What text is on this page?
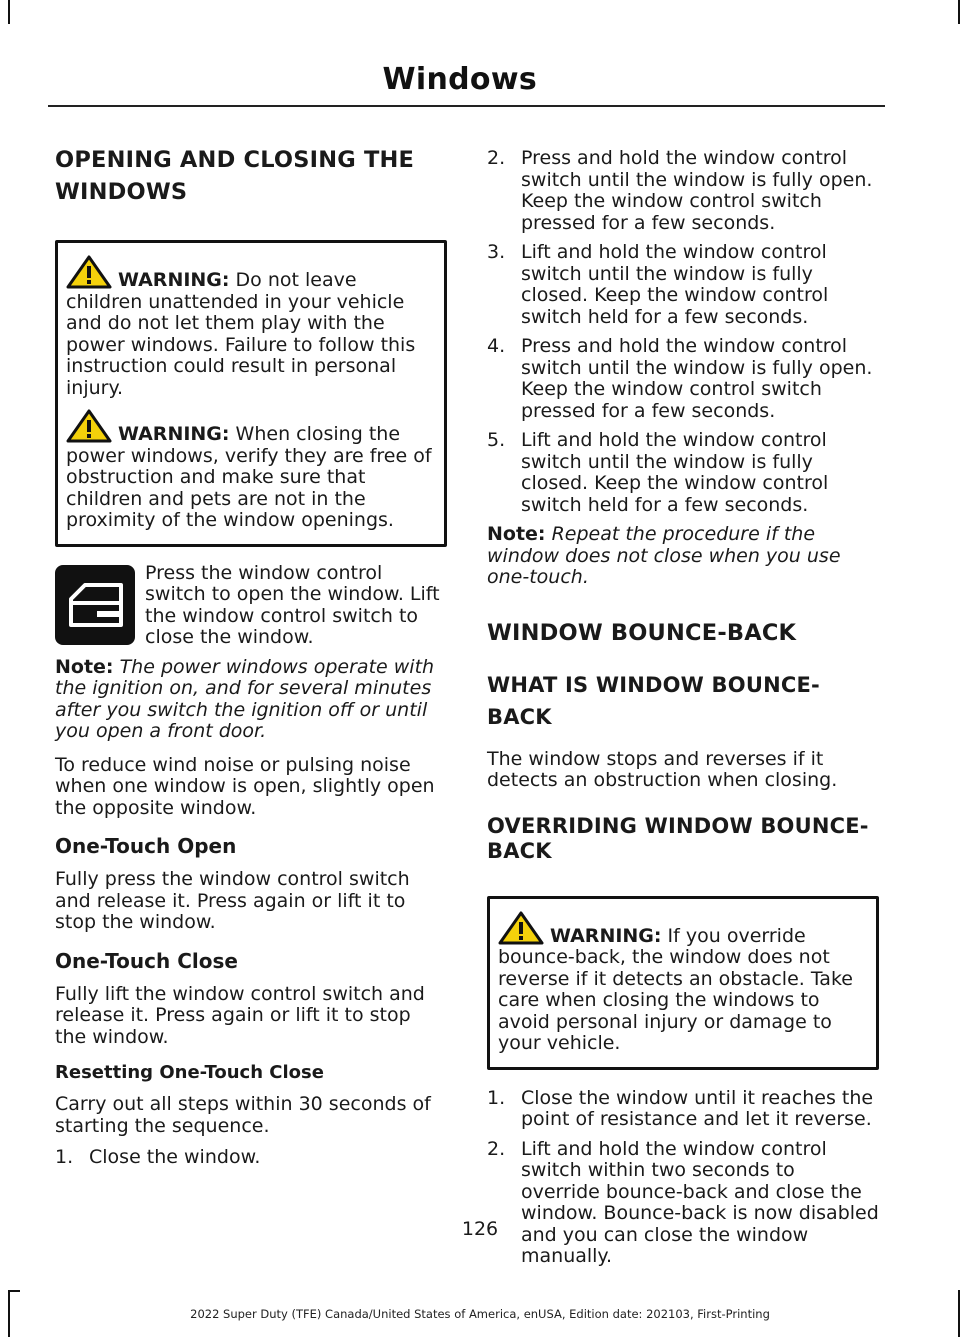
Windows
OPENING AND CLOSING THE WINDOWS

WARNING: Do not leave children unattended in your vehicle and do not let them play with the power windows. Failure to follow this instruction could result in personal injury.

WARNING: When closing the power windows, verify they are free of obstruction and make sure that children and pets are not in the proximity of the window openings.

Press the window control switch to open the window. Lift the window control switch to close the window.

Note: The power windows operate with the ignition on, and for several minutes after you switch the ignition off or until you open a front door.

To reduce wind noise or pulsing noise when one window is open, slightly open the opposite window.

One-Touch Open

Fully press the window control switch and release it. Press again or lift it to stop the window.

One-Touch Close

Fully lift the window control switch and release it. Press again or lift it to stop the window.

Resetting One-Touch Close

Carry out all steps within 30 seconds of starting the sequence.

1. Close the window.
2. Press and hold the window control switch until the window is fully open. Keep the window control switch pressed for a few seconds.
3. Lift and hold the window control switch until the window is fully closed. Keep the window control switch held for a few seconds.
4. Press and hold the window control switch until the window is fully open. Keep the window control switch pressed for a few seconds.
5. Lift and hold the window control switch until the window is fully closed. Keep the window control switch held for a few seconds.

Note: Repeat the procedure if the window does not close when you use one-touch.

WINDOW BOUNCE-BACK
WHAT IS WINDOW BOUNCE-BACK

The window stops and reverses if it detects an obstruction when closing.

OVERRIDING WINDOW BOUNCE-BACK

WARNING: If you override bounce-back, the window does not reverse if it detects an obstacle. Take care when closing the windows to avoid personal injury or damage to your vehicle.

1. Close the window until it reaches the point of resistance and let it reverse.
2. Lift and hold the window control switch within two seconds to override bounce-back and close the window. Bounce-back is now disabled and you can close the window manually.
126
2022 Super Duty (TFE) Canada/United States of America, enUSA, Edition date: 202103, First-Printing
